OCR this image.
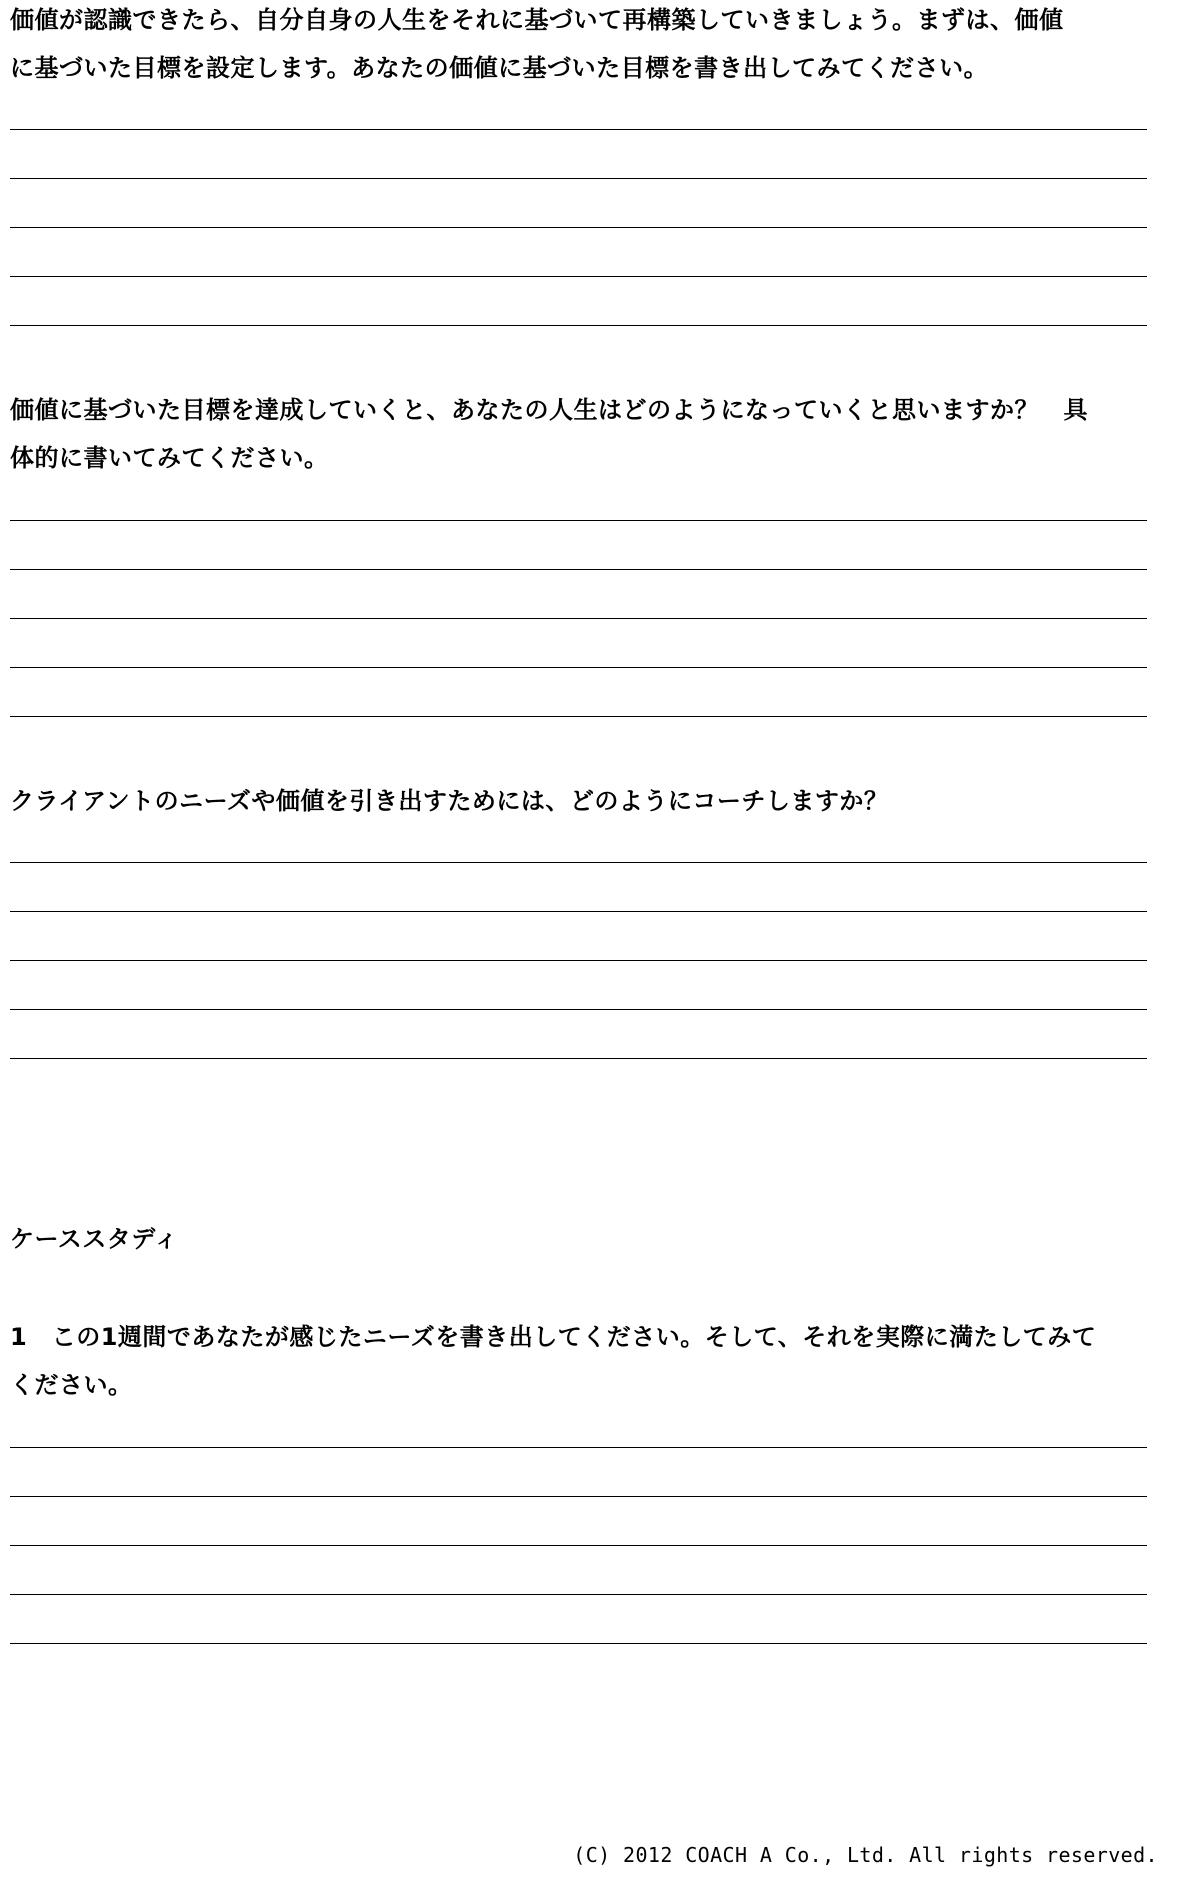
価値が認識できたら、自分自身の人生をそれに基づいて再構築していきましょう。まずは、価値
に基づいた目標を設定します。あなたの価値に基づいた目標を書き出してみてください。

価値に基づいた目標を達成していくと、あなたの人生はどのようになっていくと思いますか？　具
体的に書いてみてください。

クライアントのニーズや価値を引き出すためには、どのようにコーチしますか？

ケーススタディ

1　この1週間であなたが感じたニーズを書き出してください。そして、それを実際に満たしてみて
ください。

(C) 2012 COACH A Co., Ltd. All rights reserved.
